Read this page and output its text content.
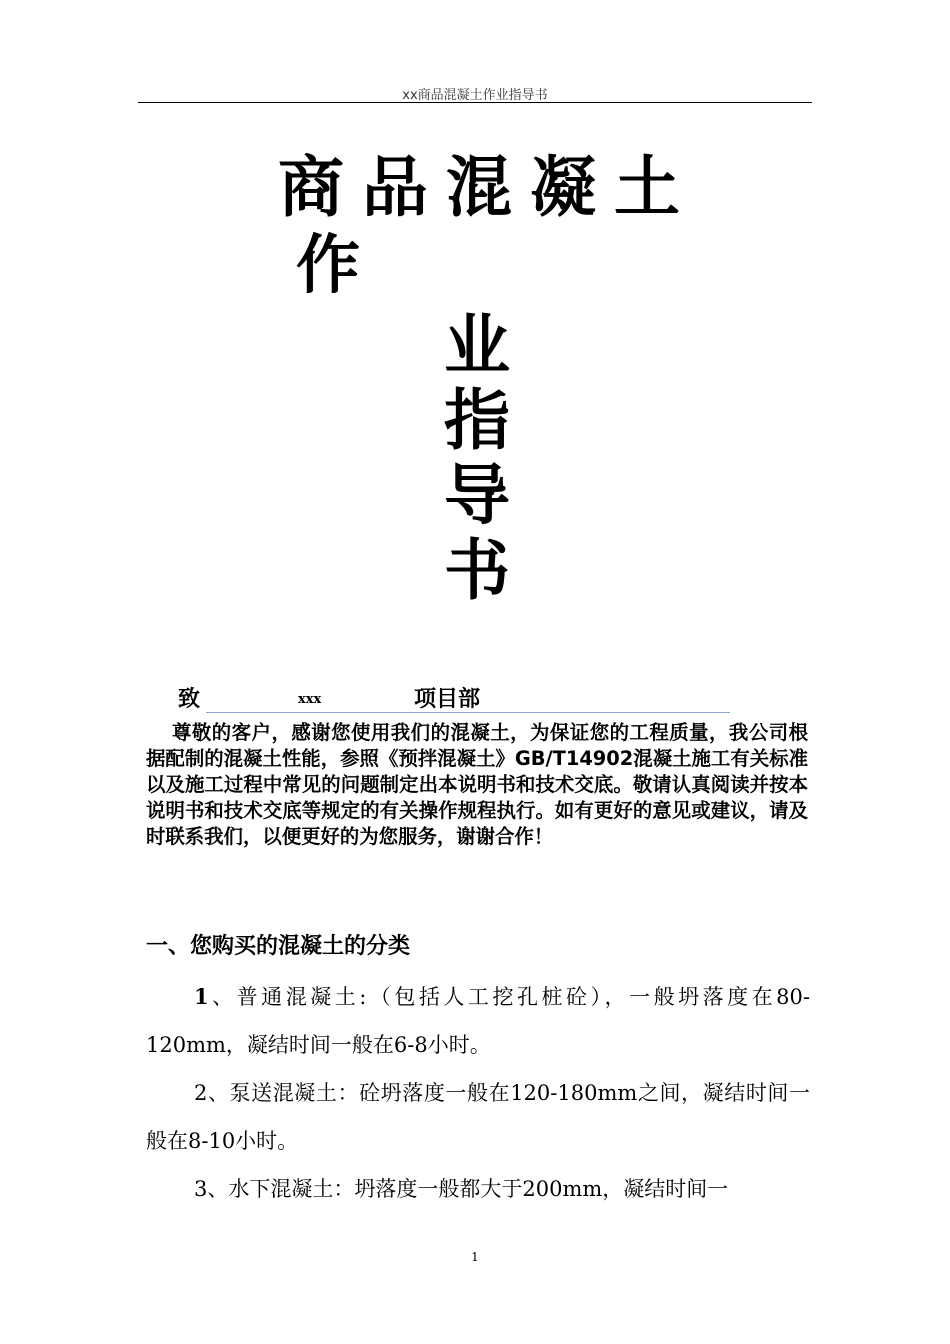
xx商品混凝土作业指导书
商品混凝土
作
业
指
导
书
致	xxx	项目部
尊敬的客户，感谢您使用我们的混凝土，为保证您的工程质量，我公司根据配制的混凝土性能，参照《预拌混凝土》GB/T14902混凝土施工有关标准以及施工过程中常见的问题制定出本说明书和技术交底。敬请认真阅读并按本说明书和技术交底等规定的有关操作规程执行。如有更好的意见或建议，请及时联系我们，以便更好的为您服务，谢谢合作！
一、您购买的混凝土的分类
1、普通混凝土:（包括人工挖孔桩砼），一般坍落度在80-120mm，凝结时间一般在6-8小时。
2、泵送混凝土：砼坍落度一般在120-180mm之间，凝结时间一般在8-10小时。
3、水下混凝土：坍落度一般都大于200mm，凝结时间一
1
